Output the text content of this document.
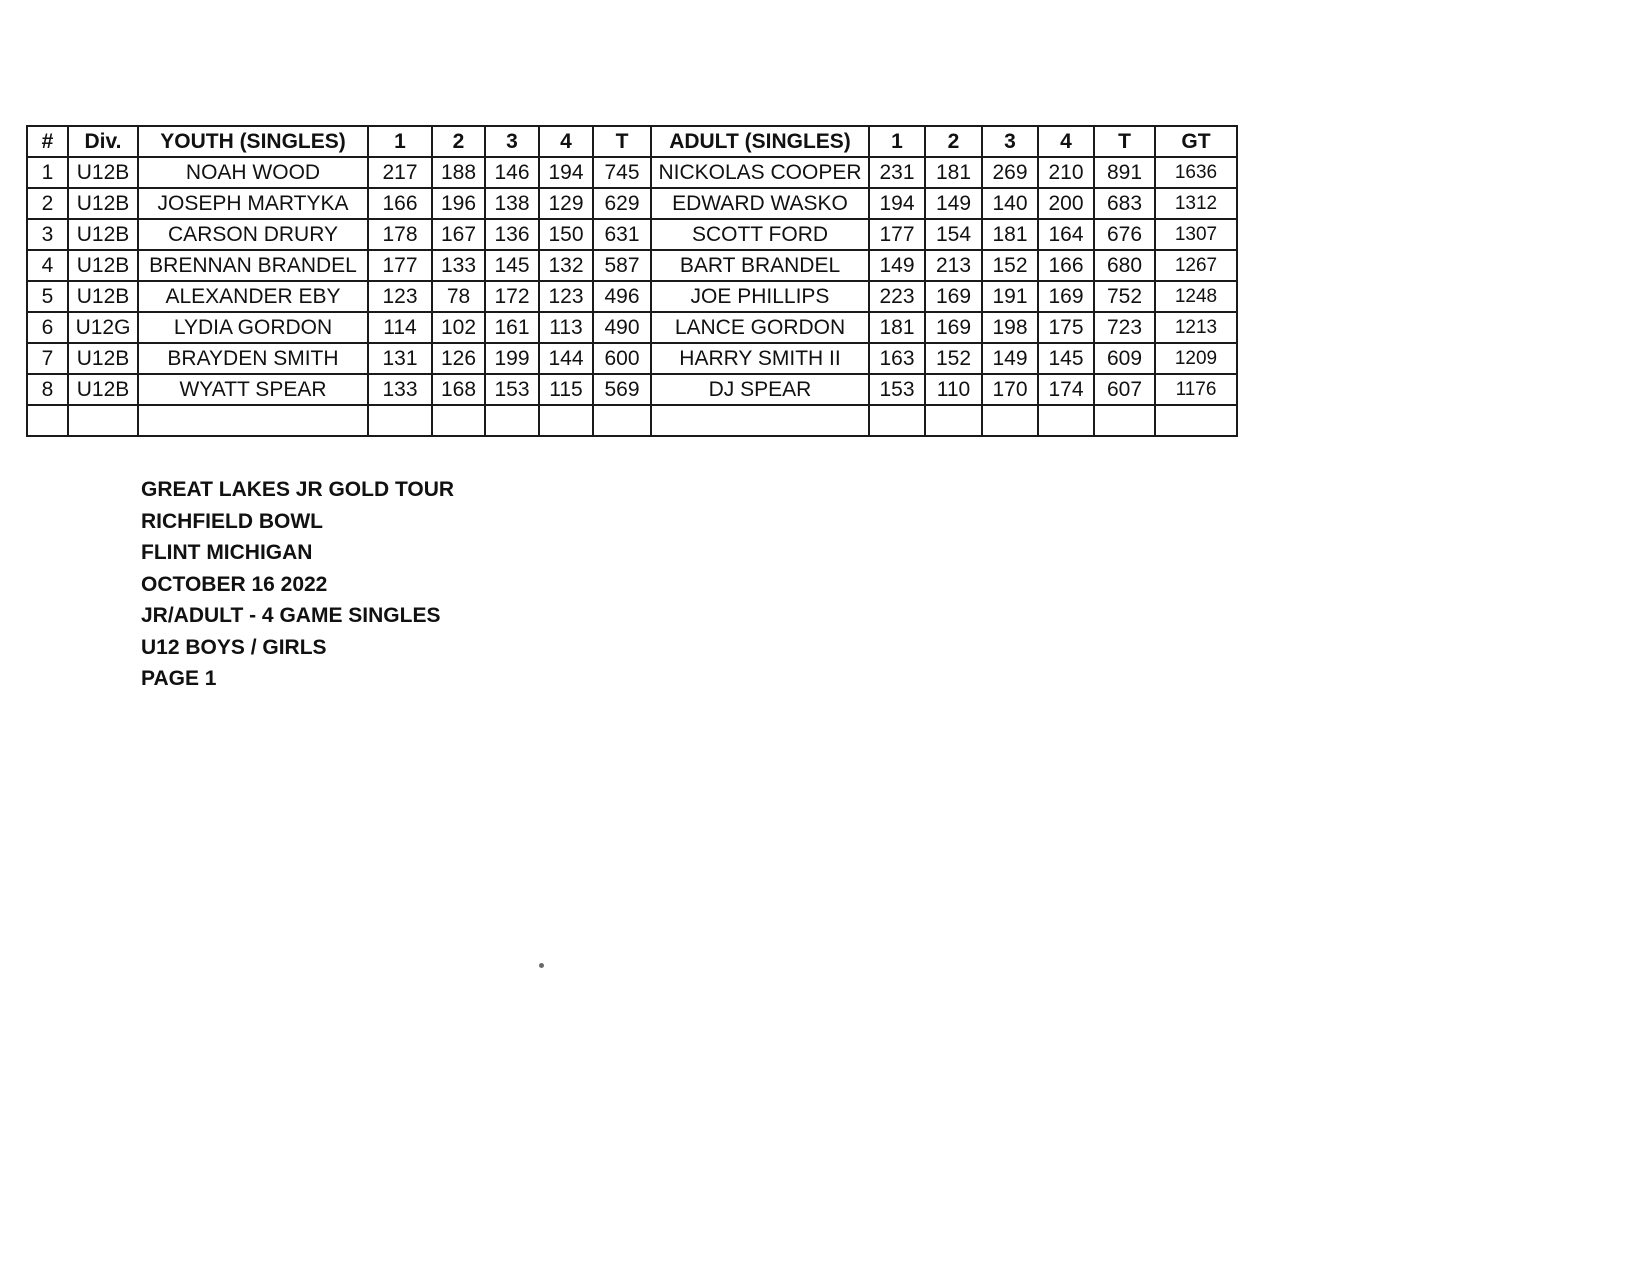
#	Div.	YOUTH (SINGLES)	1	2	3	4	T	ADULT (SINGLES)	1	2	3	4	T	GT
1	U12B	NOAH WOOD	217	188	146	194	745	NICKOLAS COOPER	231	181	269	210	891	1636
2	U12B	JOSEPH MARTYKA	166	196	138	129	629	EDWARD WASKO	194	149	140	200	683	1312
3	U12B	CARSON DRURY	178	167	136	150	631	SCOTT FORD	177	154	181	164	676	1307
4	U12B	BRENNAN BRANDEL	177	133	145	132	587	BART BRANDEL	149	213	152	166	680	1267
5	U12B	ALEXANDER EBY	123	78	172	123	496	JOE PHILLIPS	223	169	191	169	752	1248
6	U12G	LYDIA GORDON	114	102	161	113	490	LANCE GORDON	181	169	198	175	723	1213
7	U12B	BRAYDEN SMITH	131	126	199	144	600	HARRY SMITH II	163	152	149	145	609	1209
8	U12B	WYATT SPEAR	133	168	153	115	569	DJ SPEAR	153	110	170	174	607	1176

GREAT LAKES JR GOLD TOUR
RICHFIELD BOWL
FLINT MICHIGAN
OCTOBER 16 2022
JR/ADULT - 4 GAME SINGLES
U12 BOYS / GIRLS
PAGE 1
